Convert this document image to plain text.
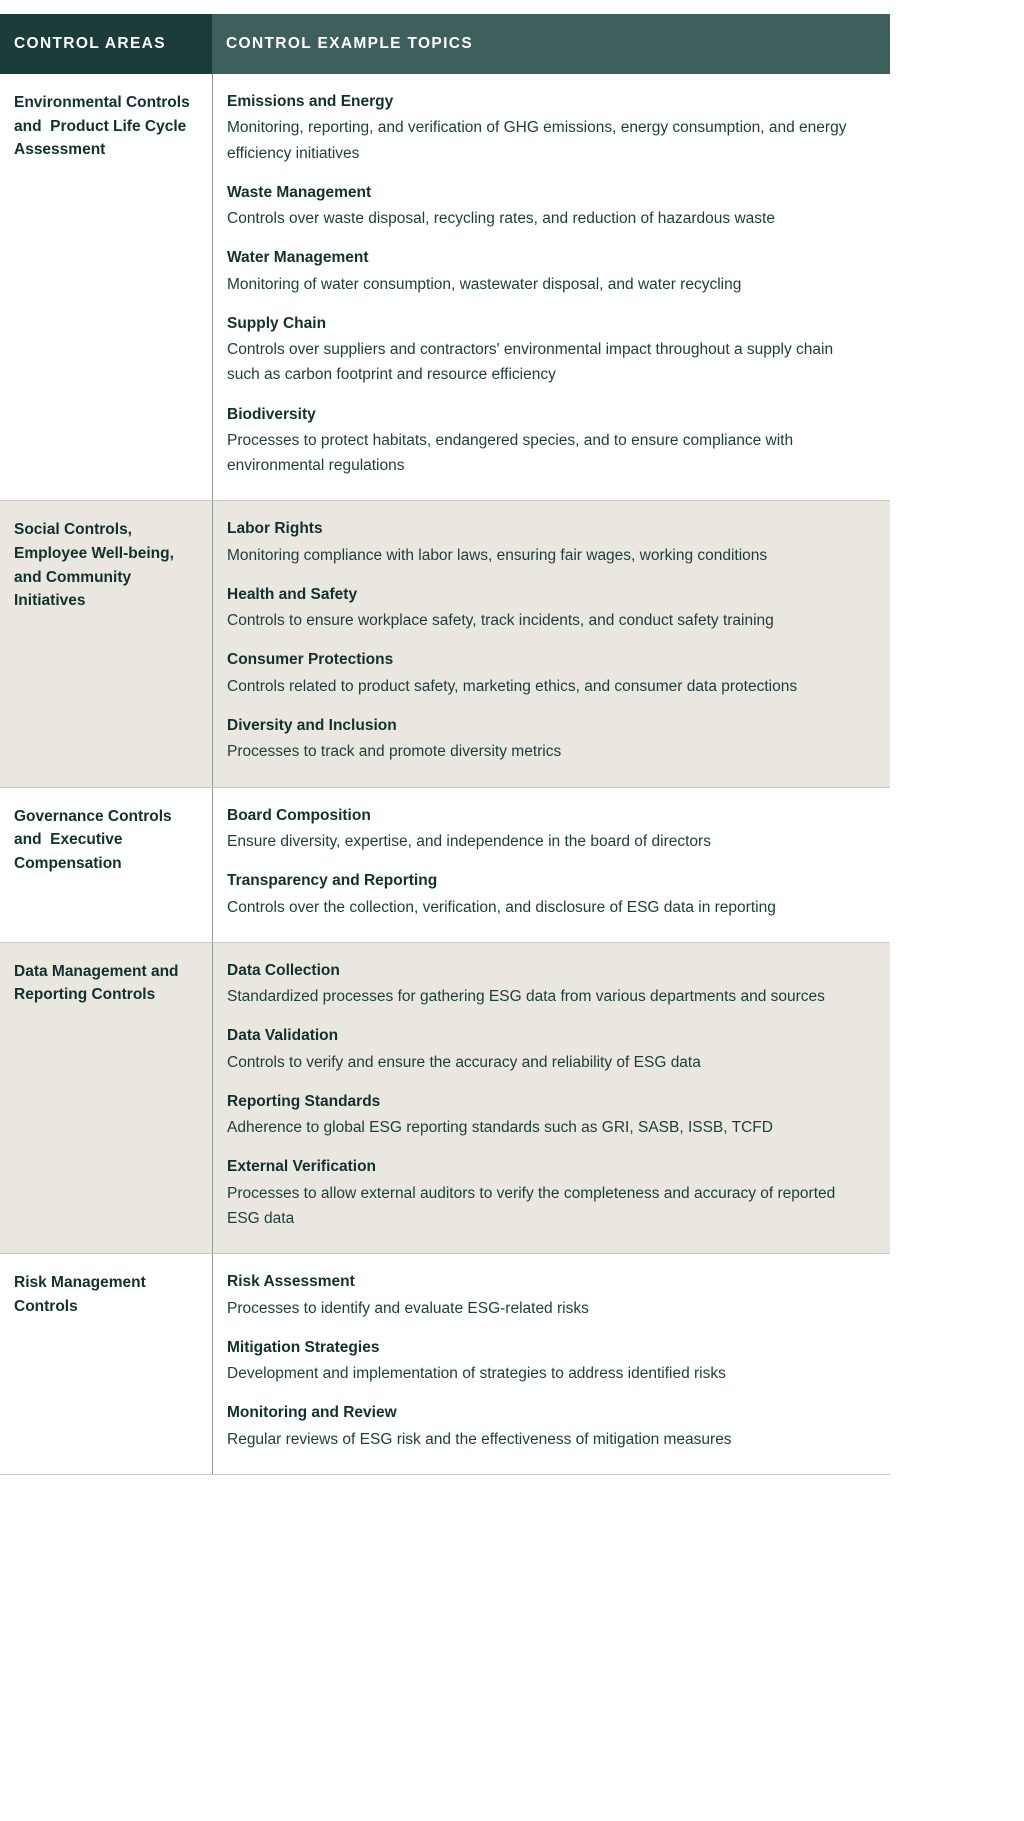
CONTROL AREAS	CONTROL EXAMPLE TOPICS
Environmental Controls and  Product Life Cycle Assessment
Emissions and Energy
Monitoring, reporting, and verification of GHG emissions, energy consumption, and energy efficiency initiatives
Waste Management
Controls over waste disposal, recycling rates, and reduction of hazardous waste
Water Management
Monitoring of water consumption, wastewater disposal, and water recycling
Supply Chain
Controls over suppliers and contractors' environmental impact throughout a supply chain such as carbon footprint and resource efficiency
Biodiversity
Processes to protect habitats, endangered species, and to ensure compliance with environmental regulations
Social Controls, Employee Well-being, and Community Initiatives
Labor Rights
Monitoring compliance with labor laws, ensuring fair wages, working conditions
Health and Safety
Controls to ensure workplace safety, track incidents, and conduct safety training
Consumer Protections
Controls related to product safety, marketing ethics, and consumer data protections
Diversity and Inclusion
Processes to track and promote diversity metrics
Governance Controls and  Executive Compensation
Board Composition
Ensure diversity, expertise, and independence in the board of directors
Transparency and Reporting
Controls over the collection, verification, and disclosure of ESG data in reporting
Data Management and Reporting Controls
Data Collection
Standardized processes for gathering ESG data from various departments and sources
Data Validation
Controls to verify and ensure the accuracy and reliability of ESG data
Reporting Standards
Adherence to global ESG reporting standards such as GRI, SASB, ISSB, TCFD
External Verification
Processes to allow external auditors to verify the completeness and accuracy of reported ESG data
Risk Management Controls
Risk Assessment
Processes to identify and evaluate ESG-related risks
Mitigation Strategies
Development and implementation of strategies to address identified risks
Monitoring and Review
Regular reviews of ESG risk and the effectiveness of mitigation measures
